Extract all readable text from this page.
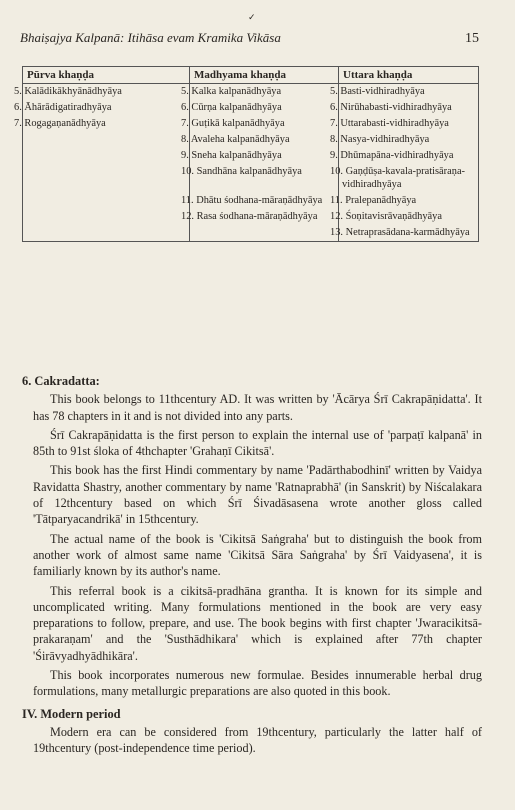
✓
Bhaiṣajya Kalpanā: Itihāsa evam Kramika Vikāsa	15
Pūrva khaṇḍa	Madhyama khaṇḍa	Uttara khaṇḍa
5. Kalādikākhyānādhyāya	5. Kalka kalpanādhyāya	5. Basti-vidhiradhyāya
6. Āhārādigatiradhyāya	6. Cūrṇa kalpanādhyāya	6. Nirūhabasti-vidhiradhyāya
7. Rogagaṇanādhyāya	7. Guṭikā kalpanādhyāya	7. Uttarabasti-vidhiradhyāya
	8. Avaleha kalpanādhyāya	8. Nasya-vidhiradhyāya
	9. Sneha kalpanādhyāya	9. Dhūmapāna-vidhiradhyāya
	10. Sandhāna kalpanādhyāya	10. Gaṇḍūṣa-kavala-pratisāraṇa-vidhiradhyāya
	11. Dhātu śodhana-māraṇādhyāya	11. Pralepanādhyāya
	12. Rasa śodhana-māraṇādhyāya	12. Śoṇitavisrāvaṇādhyāya
		13. Netraprasādana-karmādhyāya
6. Cakradatta:

This book belongs to 11thcentury AD. It was written by 'Ācārya Śrī Cakrapāṇidatta'. It has 78 chapters in it and is not divided into any parts.

Śrī Cakrapāṇidatta is the first person to explain the internal use of 'parpaṭī kalpanā' in 85th to 91st śloka of 4thchapter 'Grahaṇī Cikitsā'.

This book has the first Hindi commentary by name 'Padārthabodhinī' written by Vaidya Ravidatta Shastry, another commentary by name 'Ratnaprabhā' (in Sanskrit) by Niścalakara of 12thcentury based on which Śrī Śivadāsasena wrote another gloss called 'Tātparyacandrikā' in 15thcentury.

The actual name of the book is 'Cikitsā Saṅgraha' but to distinguish the book from another work of almost same name 'Cikitsā Sāra Saṅgraha' by Śrī Vaidyasena', it is familiarly known by its author's name.

This referral book is a cikitsā-pradhāna grantha. It is known for its simple and uncomplicated writing. Many formulations mentioned in the book are very easy preparations to follow, prepare, and use. The book begins with first chapter 'Jwaracikitsā-prakaraṇam' and the 'Susthādhikara' which is explained after 77th chapter 'Śirāvyadhyādhikāra'.

This book incorporates numerous new formulae. Besides innumerable herbal drug formulations, many metallurgic preparations are also quoted in this book.

IV. Modern period

Modern era can be considered from 19thcentury, particularly the latter half of 19thcentury (post-independence time period).
